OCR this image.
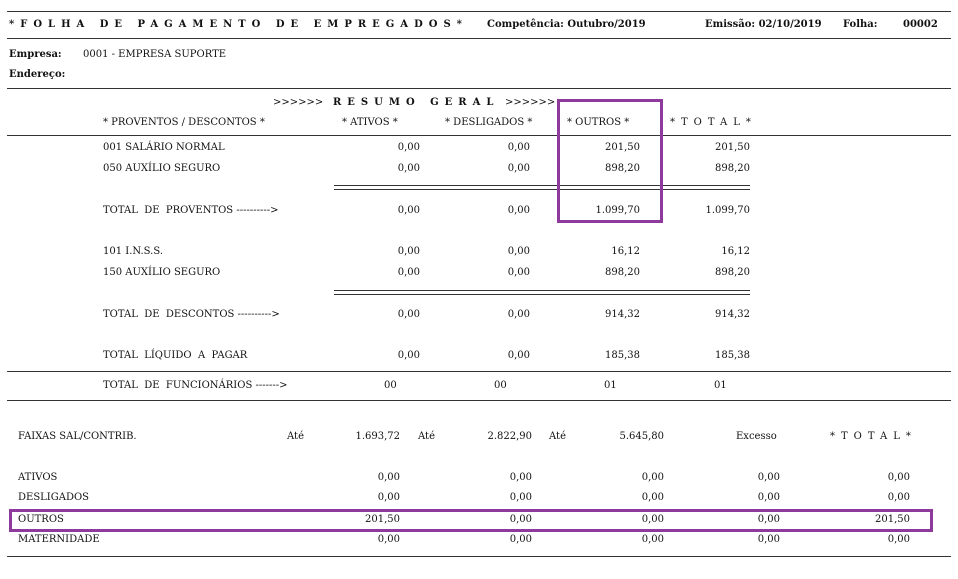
*FOLHA DE PAGAMENTO DE EMPREGADOS* Competência: Outubro/2019	Emissão: 02/10/2019 Folha:	00002
Empresa: 0001 - EMPRESA SUPORTE
Endereço:
>>>>>> RESUMO GERAL >>>>>>
* PROVENTOS / DESCONTOS *	* ATIVOS *	* DESLIGADOS *	* OUTROS *	*TOTAL*
001 SALÁRIO NORMAL	0,00	0,00	201,50	201,50
050 AUXÍLIO SEGURO	0,00	0,00	898,20	898,20
TOTAL  DE  PROVENTOS ---------->	0,00	0,00	1.099,70	1.099,70
101 I.N.S.S.	0,00	0,00	16,12	16,12
150 AUXÍLIO SEGURO	0,00	0,00	898,20	898,20
TOTAL  DE  DESCONTOS ---------->	0,00	0,00	914,32	914,32
TOTAL  LÍQUIDO  A  PAGAR	0,00	0,00	185,38	185,38
TOTAL  DE  FUNCIONÁRIOS ------->	00	00	01	01
FAIXAS SAL/CONTRIB.	Até	1.693,72 Até	2.822,90 Até	5.645,80	Excesso	*TOTAL*
ATIVOS	0,00	0,00	0,00	0,00	0,00
DESLIGADOS	0,00	0,00	0,00	0,00	0,00
OUTROS	201,50	0,00	0,00	0,00	201,50
MATERNIDADE	0,00	0,00	0,00	0,00	0,00
